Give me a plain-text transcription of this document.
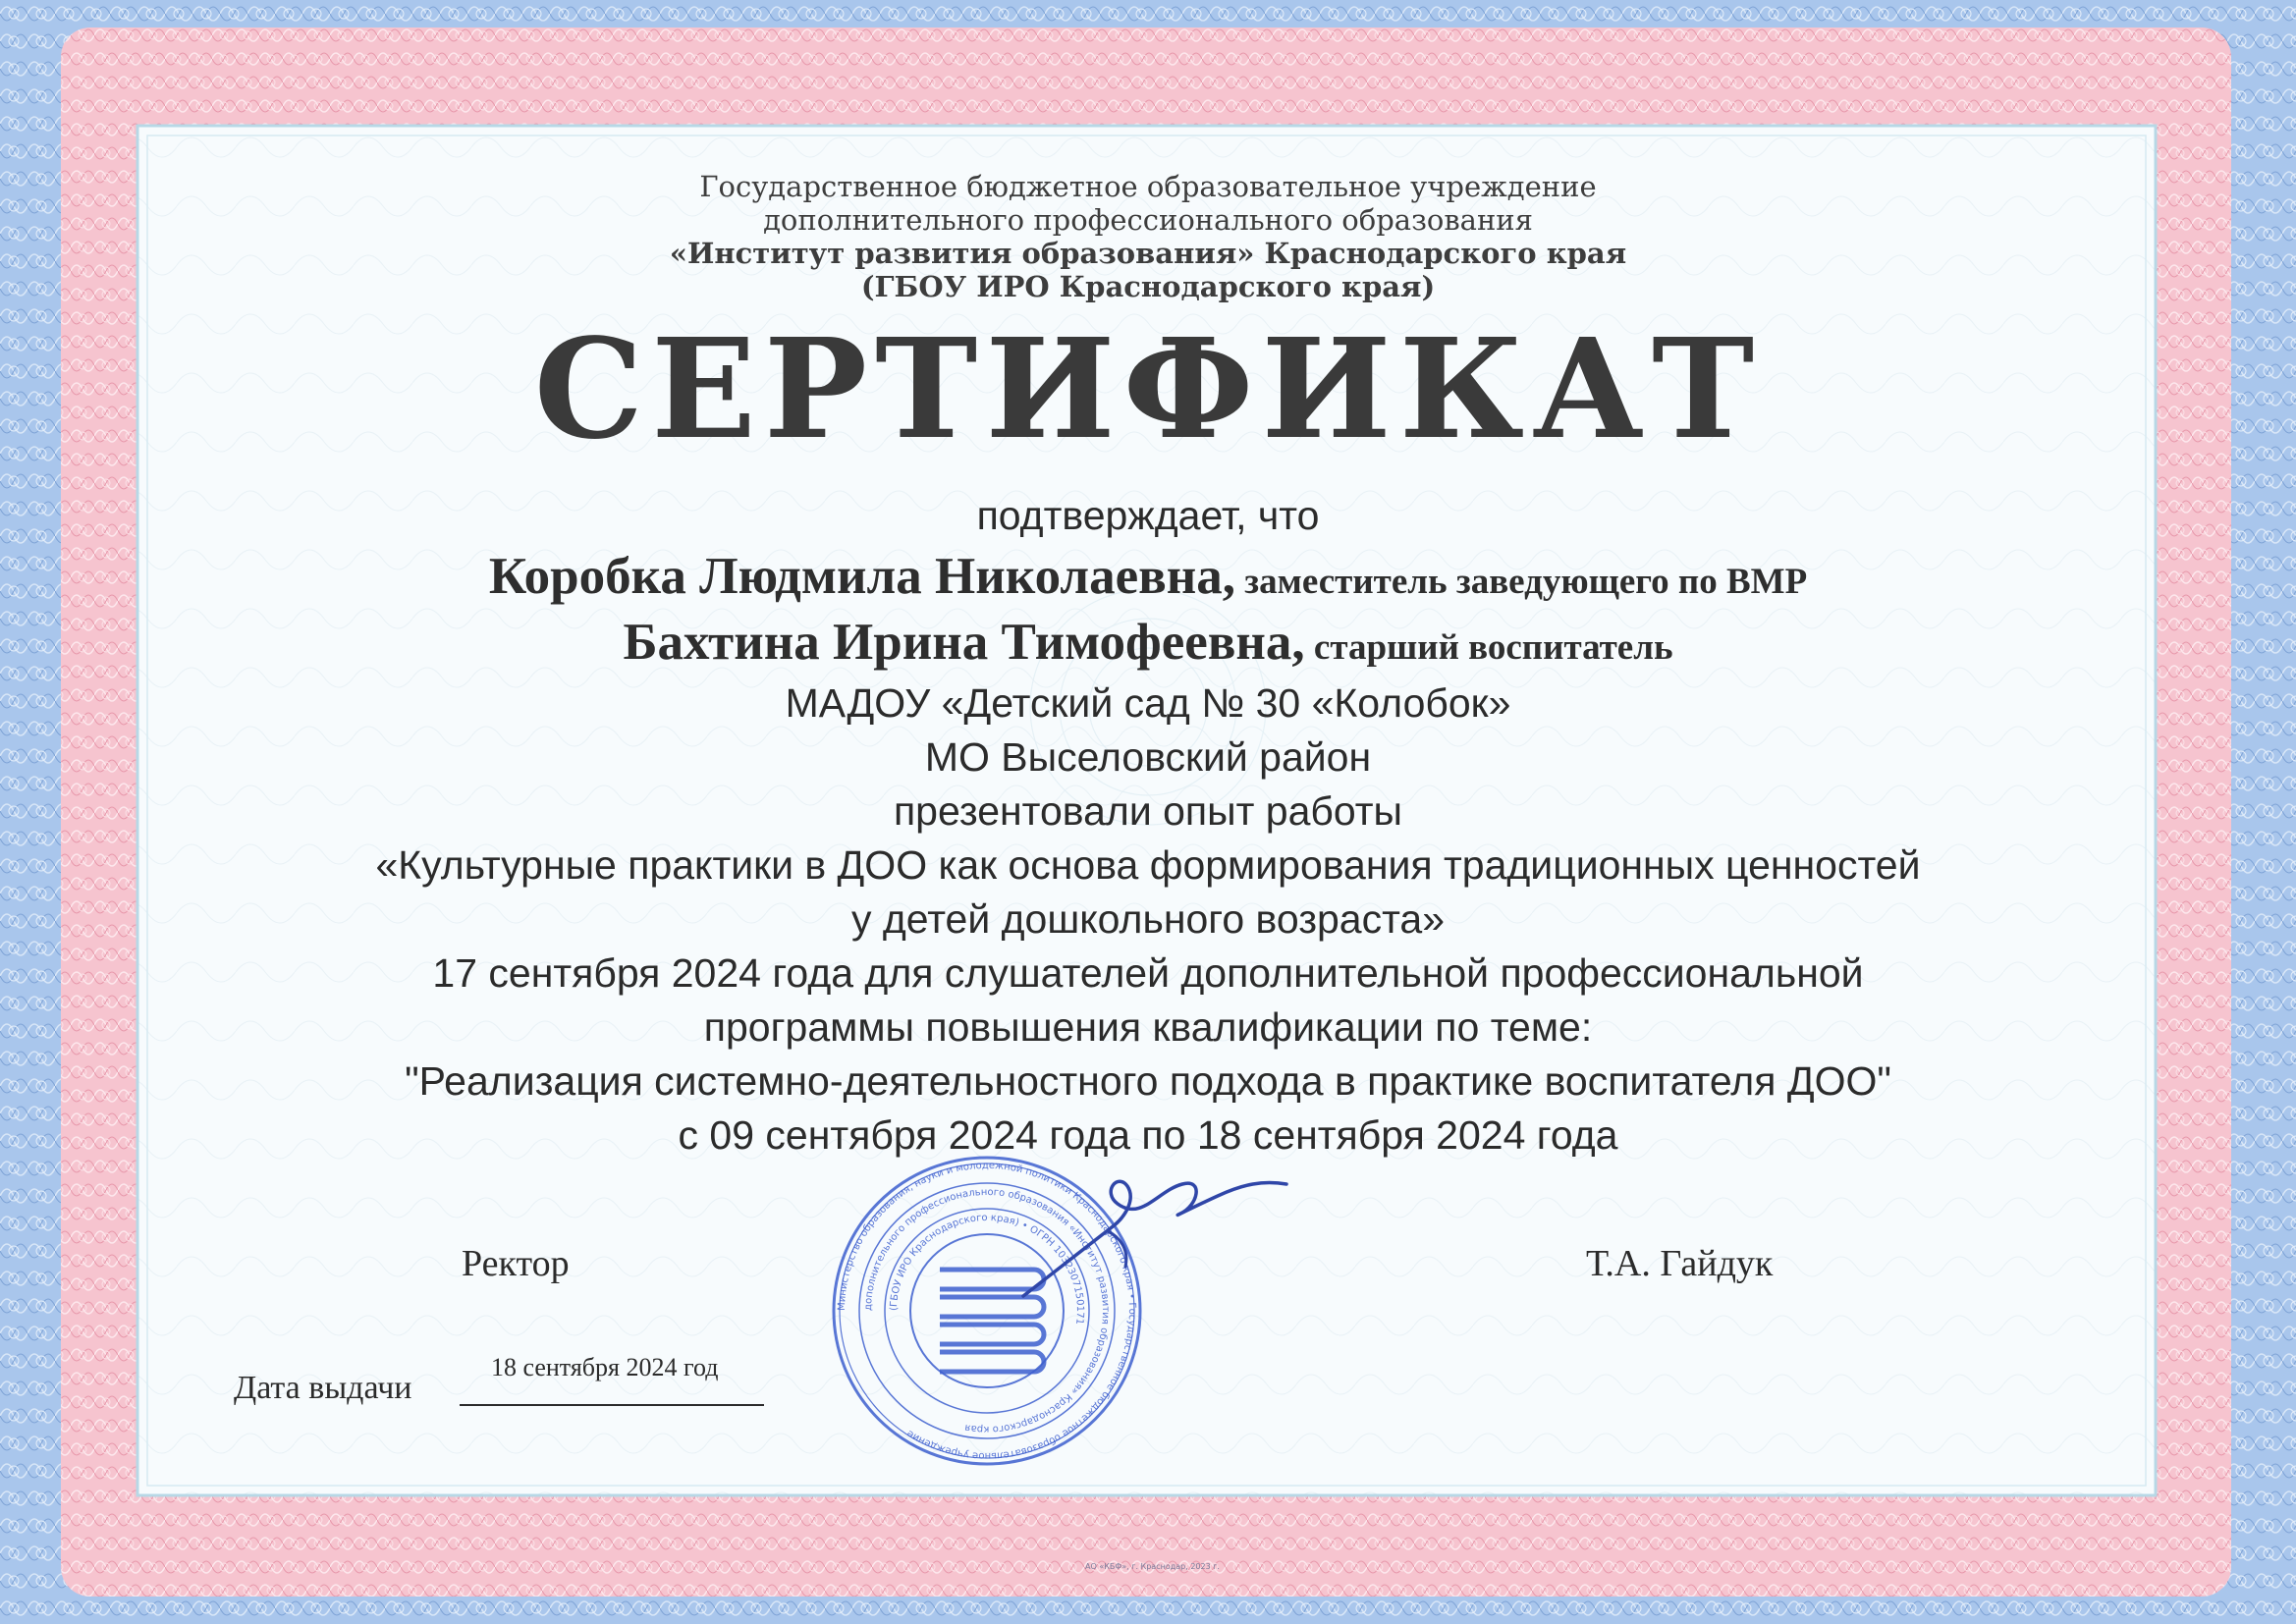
Государственное бюджетное образовательное учреждение
дополнительного профессионального образования
«Институт развития образования» Краснодарского края
(ГБОУ ИРО Краснодарского края)
СЕРТИФИКАТ
подтверждает, что
Коробка Людмила Николаевна, заместитель заведующего по ВМР
Бахтина Ирина Тимофеевна, старший воспитатель
МАДОУ «Детский сад № 30 «Колобок»
МО Выселовский район
презентовали опыт работы
«Культурные практики в ДОО как основа формирования традиционных ценностей
у детей дошкольного возраста»
17 сентября 2024 года для слушателей дополнительной профессиональной
программы повышения квалификации по теме:
"Реализация системно-деятельностного подхода в практике воспитателя ДОО"
с 09 сентября 2024 года по 18 сентября 2024 года
Ректор	Т.А. Гайдук
18 сентября 2024 год
Дата выдачи
АО «КБФ», г. Краснодар, 2023 г.
Министерство образования, науки и молодежной политики Краснодарского края • Государственное бюджетное образовательное учреждение
дополнительного профессионального образования «Институт развития образования» Краснодарского края
(ГБОУ ИРО Краснодарского края) • ОГРН 1032307150171
